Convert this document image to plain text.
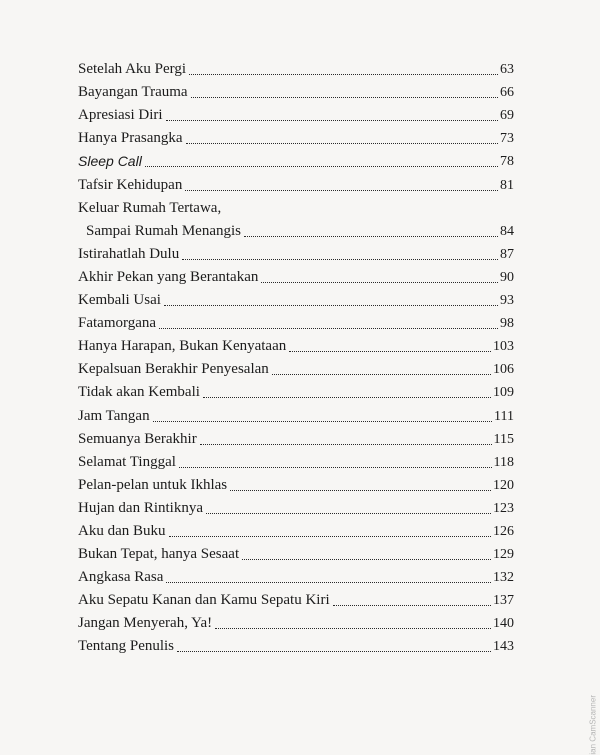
Setelah Aku Pergi	63
Bayangan Trauma	66
Apresiasi Diri	69
Hanya Prasangka	73
Sleep Call	78
Tafsir Kehidupan	81
Keluar Rumah Tertawa,
Sampai Rumah Menangis	84
Istirahatlah Dulu	87
Akhir Pekan yang Berantakan	90
Kembali Usai	93
Fatamorgana	98
Hanya Harapan, Bukan Kenyataan	103
Kepalsuan Berakhir Penyesalan	106
Tidak akan Kembali	109
Jam Tangan	111
Semuanya Berakhir	115
Selamat Tinggal	118
Pelan-pelan untuk Ikhlas	120
Hujan dan Rintiknya	123
Aku dan Buku	126
Bukan Tepat, hanya Sesaat	129
Angkasa Rasa	132
Aku Sepatu Kanan dan Kamu Sepatu Kiri	137
Jangan Menyerah, Ya!	140
Tentang Penulis	143
ian CamScanner
